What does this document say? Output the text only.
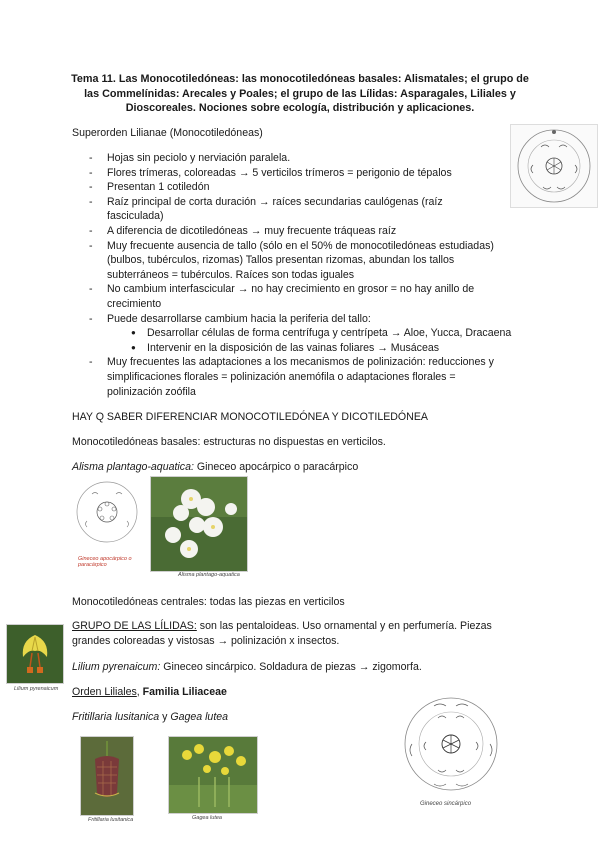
Tema 11. Las Monocotiledóneas: las monocotiledóneas basales: Alismatales; el grupo de las Commelínidas: Arecales y Poales; el grupo de las Lílidas: Asparagales, Liliales y Dioscoreales. Nociones sobre ecología, distribución y aplicaciones.
Superorden Lilianae (Monocotiledóneas)
- Hojas sin peciolo y nerviación paralela.
- Flores trímeras, coloreadas → 5 verticilos trímeros = perigonio de tépalos
- Presentan 1 cotiledón
- Raíz principal de corta duración → raíces secundarias caulógenas (raíz
fasciculada)
- A diferencia de dicotiledóneas → muy frecuente tráqueas raíz
- Muy frecuente ausencia de tallo (sólo en el 50% de monocotiledóneas estudiadas)
(bulbos, tubérculos, rizomas) Tallos presentan rizomas, abundan los tallos
subterráneos = tubérculos. Raíces son todas iguales
- No cambium interfascicular → no hay crecimiento en grosor = no hay anillo de
crecimiento
- Puede desarrollarse cambium hacia la periferia del tallo:
● Desarrollar células de forma centrífuga y centrípeta → Aloe, Yucca, Dracaena
● Intervenir en la disposición de las vainas foliares → Musáceas
- Muy frecuentes las adaptaciones a los mecanismos de polinización: reducciones y
simplificaciones florales = polinización anemófila o adaptaciones florales =
polinización zoófila
HAY Q SABER DIFERENCIAR MONOCOTILEDÓNEA Y DICOTILEDÓNEA
Monocotiledóneas basales: estructuras no dispuestas en verticilos.
Alisma plantago-aquatica: Gineceo apocárpico o paracárpico
Gineceo apocárpico o paracárpico
Alisma plantago-aquatica
Monocotiledóneas centrales: todas las piezas en verticilos
Lilium pyrenaicum
GRUPO DE LAS LÍLIDAS: son las pentaloideas. Uso ornamental y en perfumería. Piezas
grandes coloreadas y vistosas → polinización x insectos.
Lilium pyrenaicum: Gineceo sincárpico. Soldadura de piezas → zigomorfa.
Orden Liliales, Familia Liliaceae
Fritillaria lusitanica y Gagea lutea
Gineceo sincárpico
Fritillaria lusitanica	Gagea lutea
